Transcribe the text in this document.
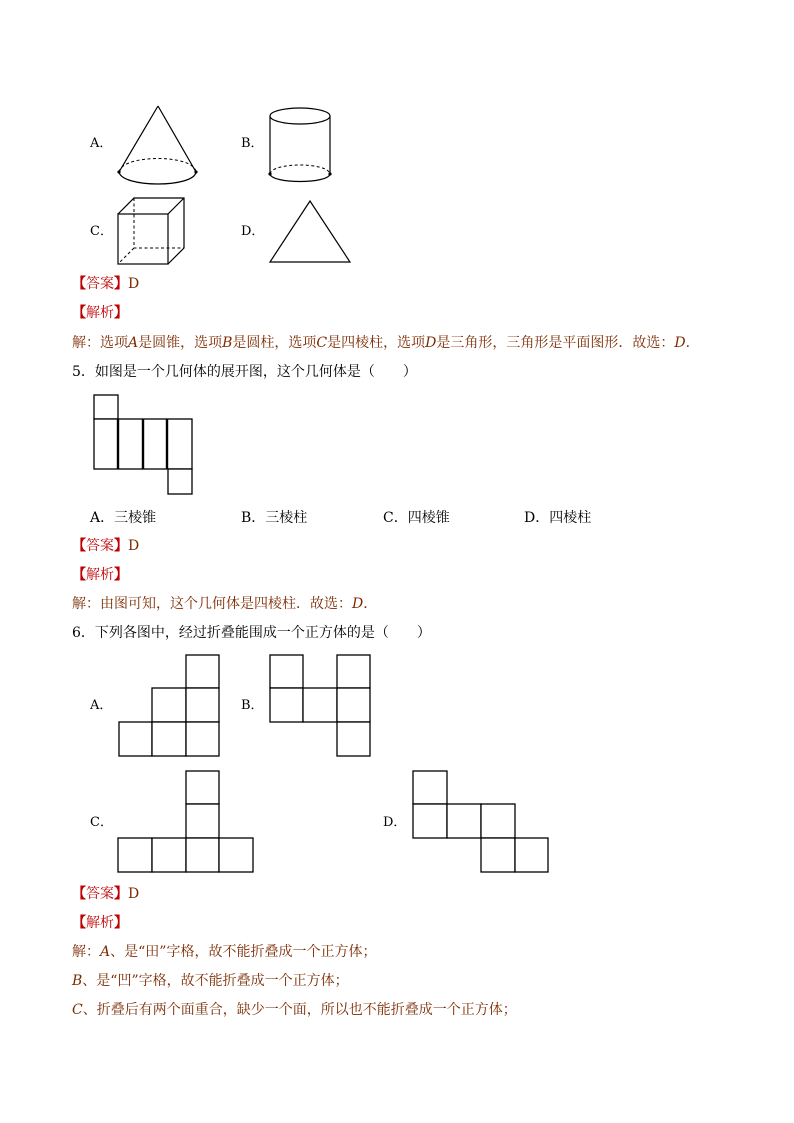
A．	B．
C．	D．
【答案】D
【解析】
解：选项A是圆锥，选项B是圆柱，选项C是四棱柱，选项D是三角形，三角形是平面图形．故选：D．
5．如图是一个几何体的展开图，这个几何体是（　　）
A．三棱锥	B．三棱柱	C．四棱锥	D．四棱柱
【答案】D
【解析】
解：由图可知，这个几何体是四棱柱．故选：D．
6．下列各图中，经过折叠能围成一个正方体的是（　　）
A．	B．
C．	D．
【答案】D
【解析】
解：A、是“田”字格，故不能折叠成一个正方体；
B、是“凹”字格，故不能折叠成一个正方体；
C、折叠后有两个面重合，缺少一个面，所以也不能折叠成一个正方体；
